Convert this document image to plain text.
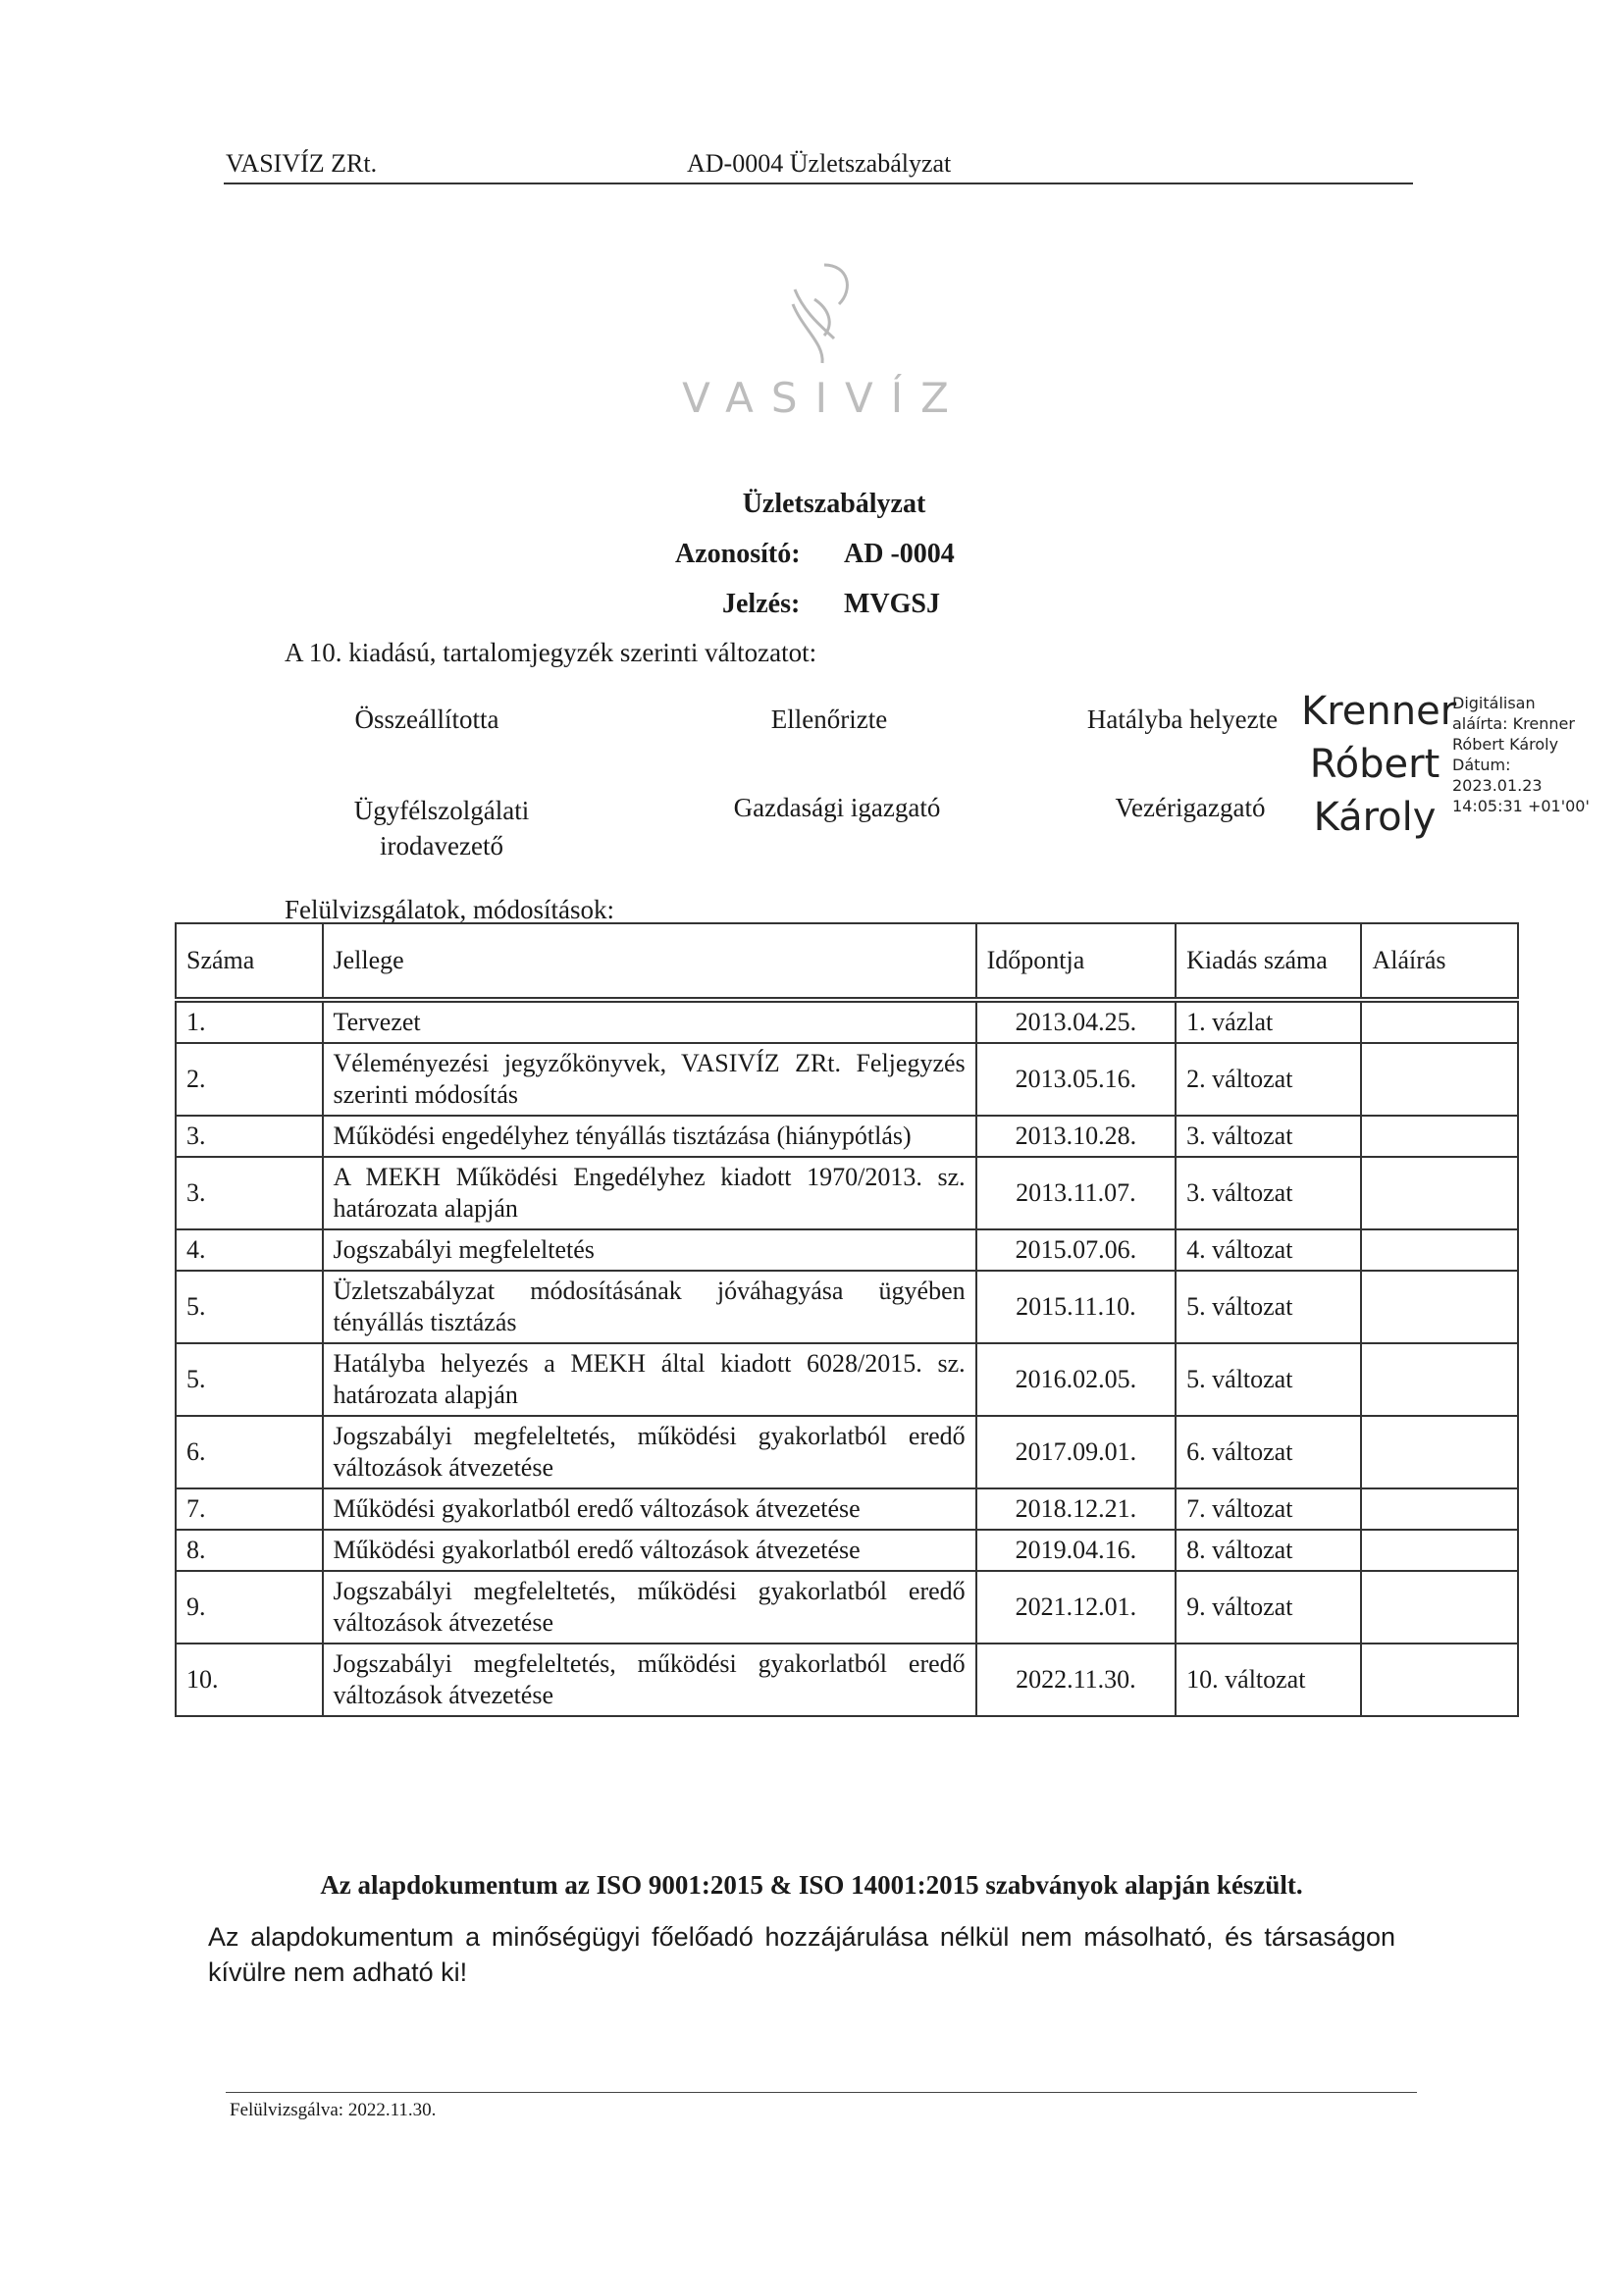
VASIVÍZ ZRt.	AD-0004 Üzletszabályzat
VASIVÍZ
Üzletszabályzat
Azonosító: AD -0004
Jelzés: MVGSJ
A 10. kiadású, tartalomjegyzék szerinti változatot:
Összeállította	Ellenőrizte	Hatályba helyezte
Ügyfélszolgálati irodavezető
Gazdasági igazgató	Vezérigazgató
Krenner
Róbert
Károly
Digitálisan
aláírta: Krenner
Róbert Károly
Dátum:
2023.01.23
14:05:31 +01'00'
Felülvizsgálatok, módosítások:
Száma	Jellege	Időpontja	Kiadás száma	Aláírás
1.	Tervezet	2013.04.25.	1. vázlat	
2.	Véleményezési jegyzőkönyvek, VASIVÍZ ZRt. Feljegyzés szerinti módosítás	2013.05.16.	2. változat	
3.	Működési engedélyhez tényállás tisztázása (hiánypótlás)	2013.10.28.	3. változat	
3.	A MEKH Működési Engedélyhez kiadott 1970/2013. sz. határozata alapján	2013.11.07.	3. változat	
4.	Jogszabályi megfeleltetés	2015.07.06.	4. változat	
5.	Üzletszabályzat módosításának jóváhagyása ügyében tényállás tisztázás	2015.11.10.	5. változat	
5.	Hatályba helyezés a MEKH által kiadott 6028/2015. sz. határozata alapján	2016.02.05.	5. változat	
6.	Jogszabályi megfeleltetés, működési gyakorlatból eredő változások átvezetése	2017.09.01.	6. változat	
7.	Működési gyakorlatból eredő változások átvezetése	2018.12.21.	7. változat	
8.	Működési gyakorlatból eredő változások átvezetése	2019.04.16.	8. változat	
9.	Jogszabályi megfeleltetés, működési gyakorlatból eredő változások átvezetése	2021.12.01.	9. változat	
10.	Jogszabályi megfeleltetés, működési gyakorlatból eredő változások átvezetése	2022.11.30.	10. változat	
Az alapdokumentum az ISO 9001:2015 & ISO 14001:2015 szabványok alapján készült.
Az alapdokumentum a minőségügyi főelőadó hozzájárulása nélkül nem másolható, és társaságon kívülre nem adható ki!
Felülvizsgálva: 2022.11.30.
